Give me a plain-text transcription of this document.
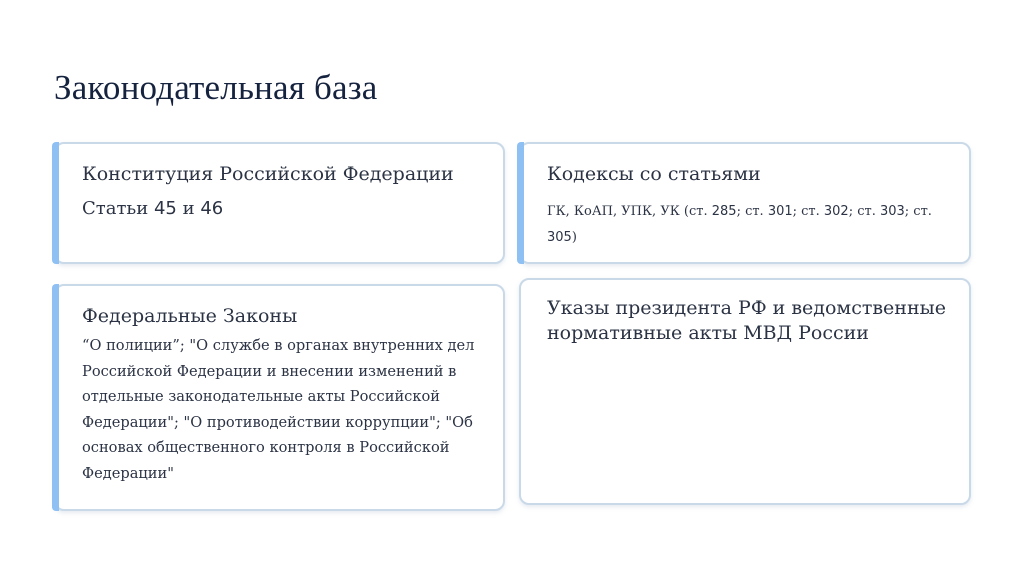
Законодательная база
Конституция Российской Федерации
Статьи 45 и 46
Кодексы со статьями
ГК, КоАП, УПК, УК (ст. 285; ст. 301; ст. 302; ст. 303; ст. 305)
Федеральные Законы
“О полиции”; "О службе в органах внутренних дел Российской Федерации и внесении изменений в отдельные законодательные акты Российской Федерации"; "О противодействии коррупции"; "Об основах общественного контроля в Российской Федерации"
Указы президента РФ и ведомственные нормативные акты МВД России
